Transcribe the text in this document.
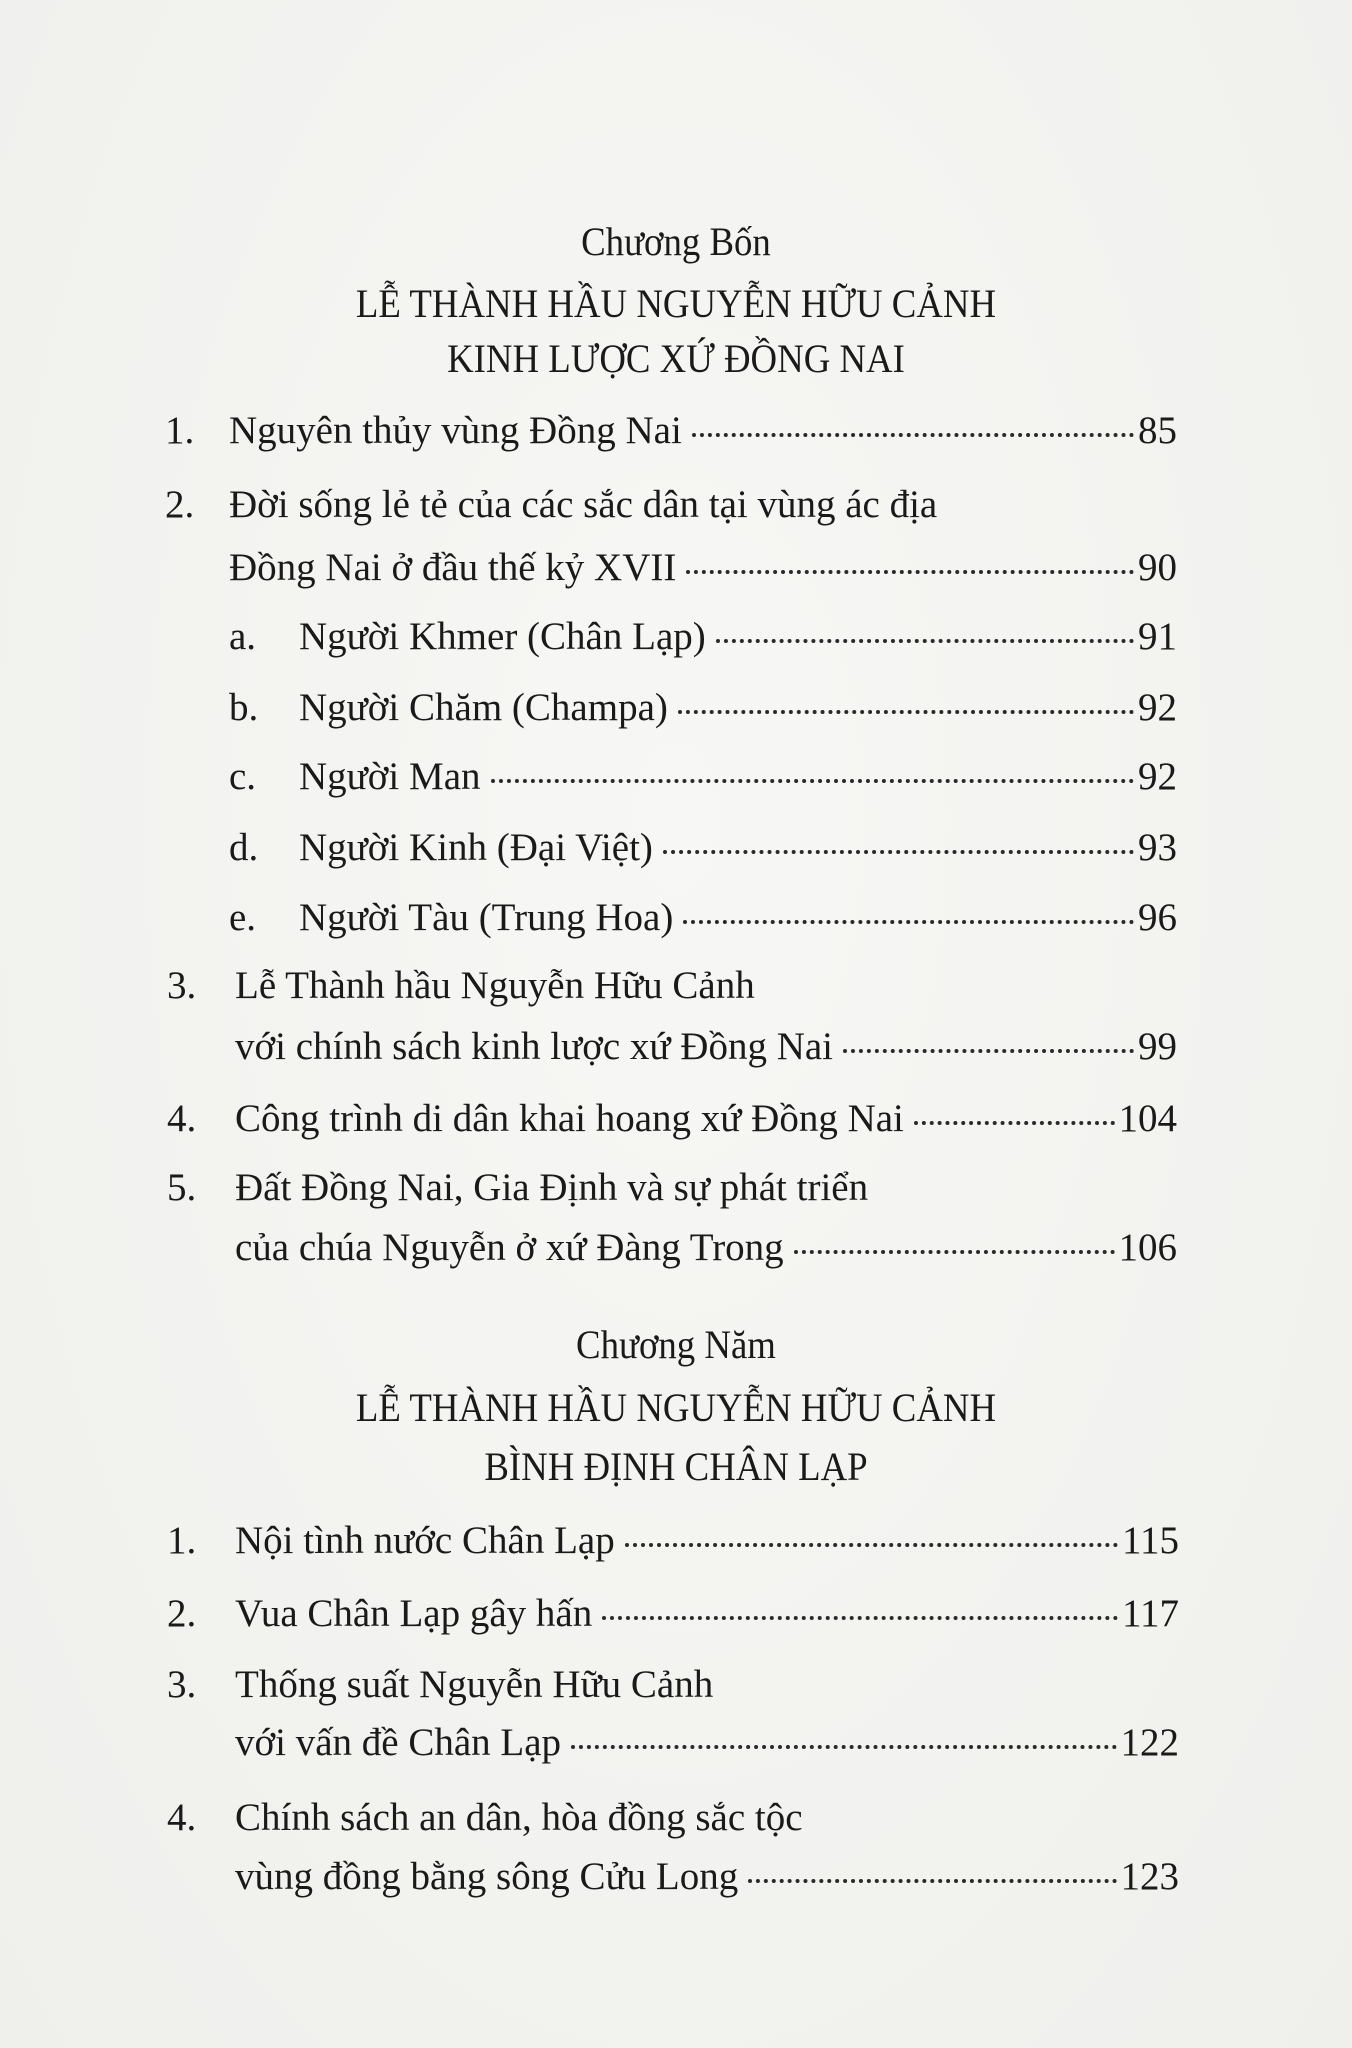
Chương Bốn
LỄ THÀNH HẦU NGUYỄN HỮU CẢNH
KINH LƯỢC XỨ ĐỒNG NAI
1. Nguyên thủy vùng Đồng Nai	85
2. Đời sống lẻ tẻ của các sắc dân tại vùng ác địa
Đồng Nai ở đầu thế kỷ XVII	90
a. Người Khmer (Chân Lạp)	91
b. Người Chăm (Champa)	92
c. Người Man	92
d. Người Kinh (Đại Việt)	93
e. Người Tàu (Trung Hoa)	96
3. Lễ Thành hầu Nguyễn Hữu Cảnh
với chính sách kinh lược xứ Đồng Nai	99
4. Công trình di dân khai hoang xứ Đồng Nai	104
5. Đất Đồng Nai, Gia Định và sự phát triển
của chúa Nguyễn ở xứ Đàng Trong	106
Chương Năm
LỄ THÀNH HẦU NGUYỄN HỮU CẢNH
BÌNH ĐỊNH CHÂN LẠP
1. Nội tình nước Chân Lạp	115
2. Vua Chân Lạp gây hấn	117
3. Thống suất Nguyễn Hữu Cảnh
với vấn đề Chân Lạp	122
4. Chính sách an dân, hòa đồng sắc tộc
vùng đồng bằng sông Cửu Long	123
